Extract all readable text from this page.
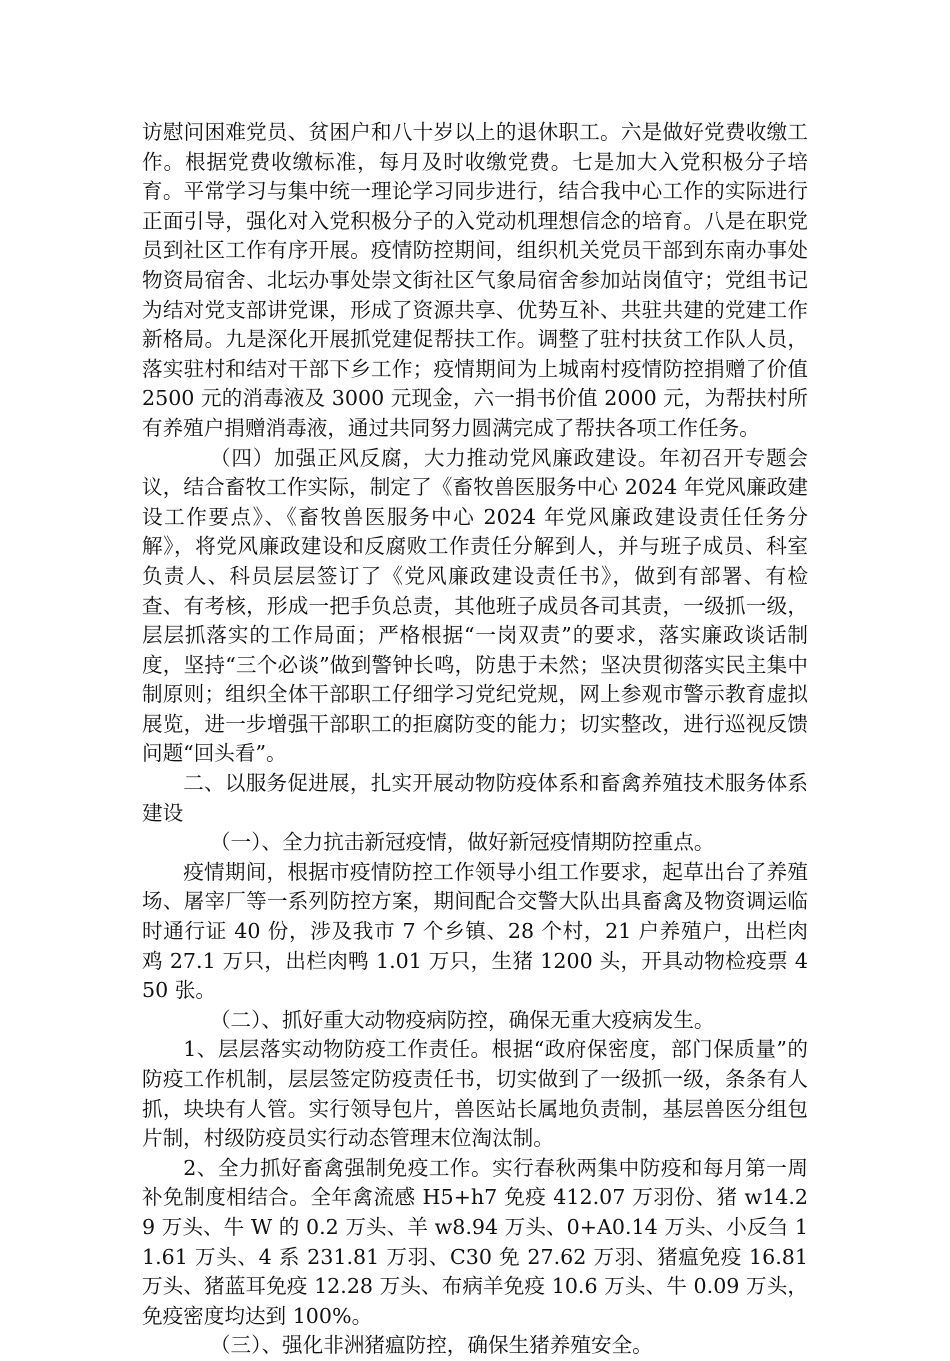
访慰问困难党员、贫困户和八十岁以上的退休职工。六是做好党费收缴工作。根据党费收缴标准，每月及时收缴党费。七是加大入党积极分子培育。平常学习与集中统一理论学习同步进行，结合我中心工作的实际进行正面引导，强化对入党积极分子的入党动机理想信念的培育。八是在职党员到社区工作有序开展。疫情防控期间，组织机关党员干部到东南办事处物资局宿舍、北坛办事处崇文街社区气象局宿舍参加站岗值守；党组书记为结对党支部讲党课，形成了资源共享、优势互补、共驻共建的党建工作新格局。九是深化开展抓党建促帮扶工作。调整了驻村扶贫工作队人员，落实驻村和结对干部下乡工作；疫情期间为上城南村疫情防控捐赠了价值 2500 元的消毒液及 3000 元现金，六一捐书价值 2000 元，为帮扶村所有养殖户捐赠消毒液，通过共同努力圆满完成了帮扶各项工作任务。

（四）加强正风反腐，大力推动党风廉政建设。年初召开专题会议，结合畜牧工作实际，制定了《畜牧兽医服务中心 2024 年党风廉政建设工作要点》、《畜牧兽医服务中心 2024 年党风廉政建设责任任务分解》，将党风廉政建设和反腐败工作责任分解到人，并与班子成员、科室负责人、科员层层签订了《党风廉政建设责任书》，做到有部署、有检查、有考核，形成一把手负总责，其他班子成员各司其责，一级抓一级，层层抓落实的工作局面；严格根据“一岗双责”的要求，落实廉政谈话制度，坚持“三个必谈”做到警钟长鸣，防患于未然；坚决贯彻落实民主集中制原则；组织全体干部职工仔细学习党纪党规，网上参观市警示教育虚拟展览，进一步增强干部职工的拒腐防变的能力；切实整改，进行巡视反馈问题“回头看”。

二、以服务促进展，扎实开展动物防疫体系和畜禽养殖技术服务体系建设

（一）、全力抗击新冠疫情，做好新冠疫情期防控重点。

疫情期间，根据市疫情防控工作领导小组工作要求，起草出台了养殖场、屠宰厂等一系列防控方案，期间配合交警大队出具畜禽及物资调运临时通行证 40 份，涉及我市 7 个乡镇、28 个村，21 户养殖户，出栏肉鸡 27.1 万只，出栏肉鸭 1.01 万只，生猪 1200 头，开具动物检疫票 450 张。

（二）、抓好重大动物疫病防控，确保无重大疫病发生。

1、层层落实动物防疫工作责任。根据“政府保密度，部门保质量”的防疫工作机制，层层签定防疫责任书，切实做到了一级抓一级，条条有人抓，块块有人管。实行领导包片，兽医站长属地负责制，基层兽医分组包片制，村级防疫员实行动态管理末位淘汰制。

2、全力抓好畜禽强制免疫工作。实行春秋两集中防疫和每月第一周补免制度相结合。全年禽流感 H5+h7 免疫 412.07 万羽份、猪 w14.29 万头、牛 W 的 0.2 万头、羊 w8.94 万头、0+A0.14 万头、小反刍 11.61 万头、4 系 231.81 万羽、C30 免 27.62 万羽、猪瘟免疫 16.81 万头、猪蓝耳免疫 12.28 万头、布病羊免疫 10.6 万头、牛 0.09 万头，免疫密度均达到 100%。

（三）、强化非洲猪瘟防控，确保生猪养殖安全。
